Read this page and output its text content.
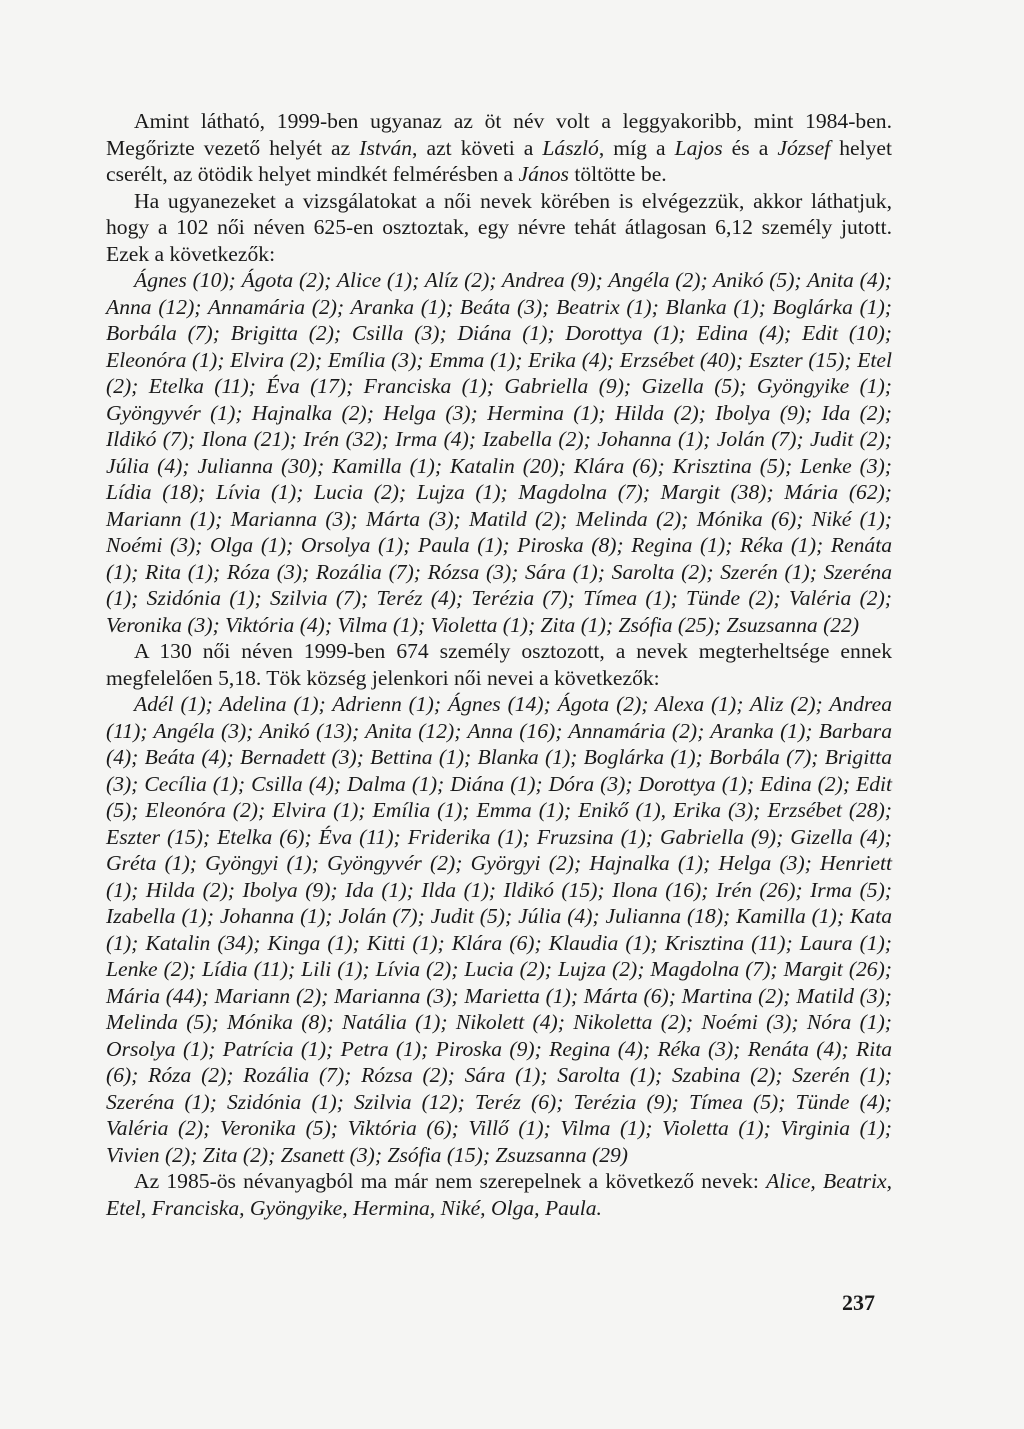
Amint látható, 1999-ben ugyanaz az öt név volt a leggyakoribb, mint 1984-ben. Megőrizte vezető helyét az István, azt követi a László, míg a Lajos és a József helyet cserélt, az ötödik helyet mindkét felmérésben a János töltötte be.

Ha ugyanezeket a vizsgálatokat a női nevek körében is elvégezzük, akkor láthatjuk, hogy a 102 női néven 625-en osztoztak, egy névre tehát átlagosan 6,12 személy jutott. Ezek a következők:

Ágnes (10); Ágota (2); Alice (1); Alíz (2); Andrea (9); Angéla (2); Anikó (5); Anita (4); Anna (12); Annamária (2); Aranka (1); Beáta (3); Beatrix (1); Blanka (1); Boglárka (1); Borbála (7); Brigitta (2); Csilla (3); Diána (1); Dorottya (1); Edina (4); Edit (10); Eleonóra (1); Elvira (2); Emília (3); Emma (1); Erika (4); Erzsébet (40); Eszter (15); Etel (2); Etelka (11); Éva (17); Franciska (1); Gabriella (9); Gizella (5); Gyöngyike (1); Gyöngyvér (1); Hajnalka (2); Helga (3); Hermina (1); Hilda (2); Ibolya (9); Ida (2); Ildikó (7); Ilona (21); Irén (32); Irma (4); Izabella (2); Johanna (1); Jolán (7); Judit (2); Júlia (4); Julianna (30); Kamilla (1); Katalin (20); Klára (6); Krisztina (5); Lenke (3); Lídia (18); Lívia (1); Lucia (2); Lujza (1); Magdolna (7); Margit (38); Mária (62); Mariann (1); Marianna (3); Márta (3); Matild (2); Melinda (2); Mónika (6); Niké (1); Noémi (3); Olga (1); Orsolya (1); Paula (1); Piroska (8); Regina (1); Réka (1); Renáta (1); Rita (1); Róza (3); Rozália (7); Rózsa (3); Sára (1); Sarolta (2); Szerén (1); Szeréna (1); Szidónia (1); Szilvia (7); Teréz (4); Terézia (7); Tímea (1); Tünde (2); Valéria (2); Veronika (3); Viktória (4); Vilma (1); Violetta (1); Zita (1); Zsófia (25); Zsuzsanna (22)

A 130 női néven 1999-ben 674 személy osztozott, a nevek megterheltsége ennek megfelelően 5,18. Tök község jelenkori női nevei a következők:

Adél (1); Adelina (1); Adrienn (1); Ágnes (14); Ágota (2); Alexa (1); Aliz (2); Andrea (11); Angéla (3); Anikó (13); Anita (12); Anna (16); Annamária (2); Aranka (1); Barbara (4); Beáta (4); Bernadett (3); Bettina (1); Blanka (1); Boglárka (1); Borbála (7); Brigitta (3); Cecília (1); Csilla (4); Dalma (1); Diána (1); Dóra (3); Dorottya (1); Edina (2); Edit (5); Eleonóra (2); Elvira (1); Emília (1); Emma (1); Enikő (1), Erika (3); Erzsébet (28); Eszter (15); Etelka (6); Éva (11); Friderika (1); Fruzsina (1); Gabriella (9); Gizella (4); Gréta (1); Gyöngyi (1); Gyöngyvér (2); Györgyi (2); Hajnalka (1); Helga (3); Henriett (1); Hilda (2); Ibolya (9); Ida (1); Ilda (1); Ildikó (15); Ilona (16); Irén (26); Irma (5); Izabella (1); Johanna (1); Jolán (7); Judit (5); Júlia (4); Julianna (18); Kamilla (1); Kata (1); Katalin (34); Kinga (1); Kitti (1); Klára (6); Klaudia (1); Krisztina (11); Laura (1); Lenke (2); Lídia (11); Lili (1); Lívia (2); Lucia (2); Lujza (2); Magdolna (7); Margit (26); Mária (44); Mariann (2); Marianna (3); Marietta (1); Márta (6); Martina (2); Matild (3); Melinda (5); Mónika (8); Natália (1); Nikolett (4); Nikoletta (2); Noémi (3); Nóra (1); Orsolya (1); Patrícia (1); Petra (1); Piroska (9); Regina (4); Réka (3); Renáta (4); Rita (6); Róza (2); Rozália (7); Rózsa (2); Sára (1); Sarolta (1); Szabina (2); Szerén (1); Szeréna (1); Szidónia (1); Szilvia (12); Teréz (6); Terézia (9); Tímea (5); Tünde (4); Valéria (2); Veronika (5); Viktória (6); Villő (1); Vilma (1); Violetta (1); Virginia (1); Vivien (2); Zita (2); Zsanett (3); Zsófia (15); Zsuzsanna (29)

Az 1985-ös névanyagból ma már nem szerepelnek a következő nevek: Alice, Beatrix, Etel, Franciska, Gyöngyike, Hermina, Niké, Olga, Paula.

237
